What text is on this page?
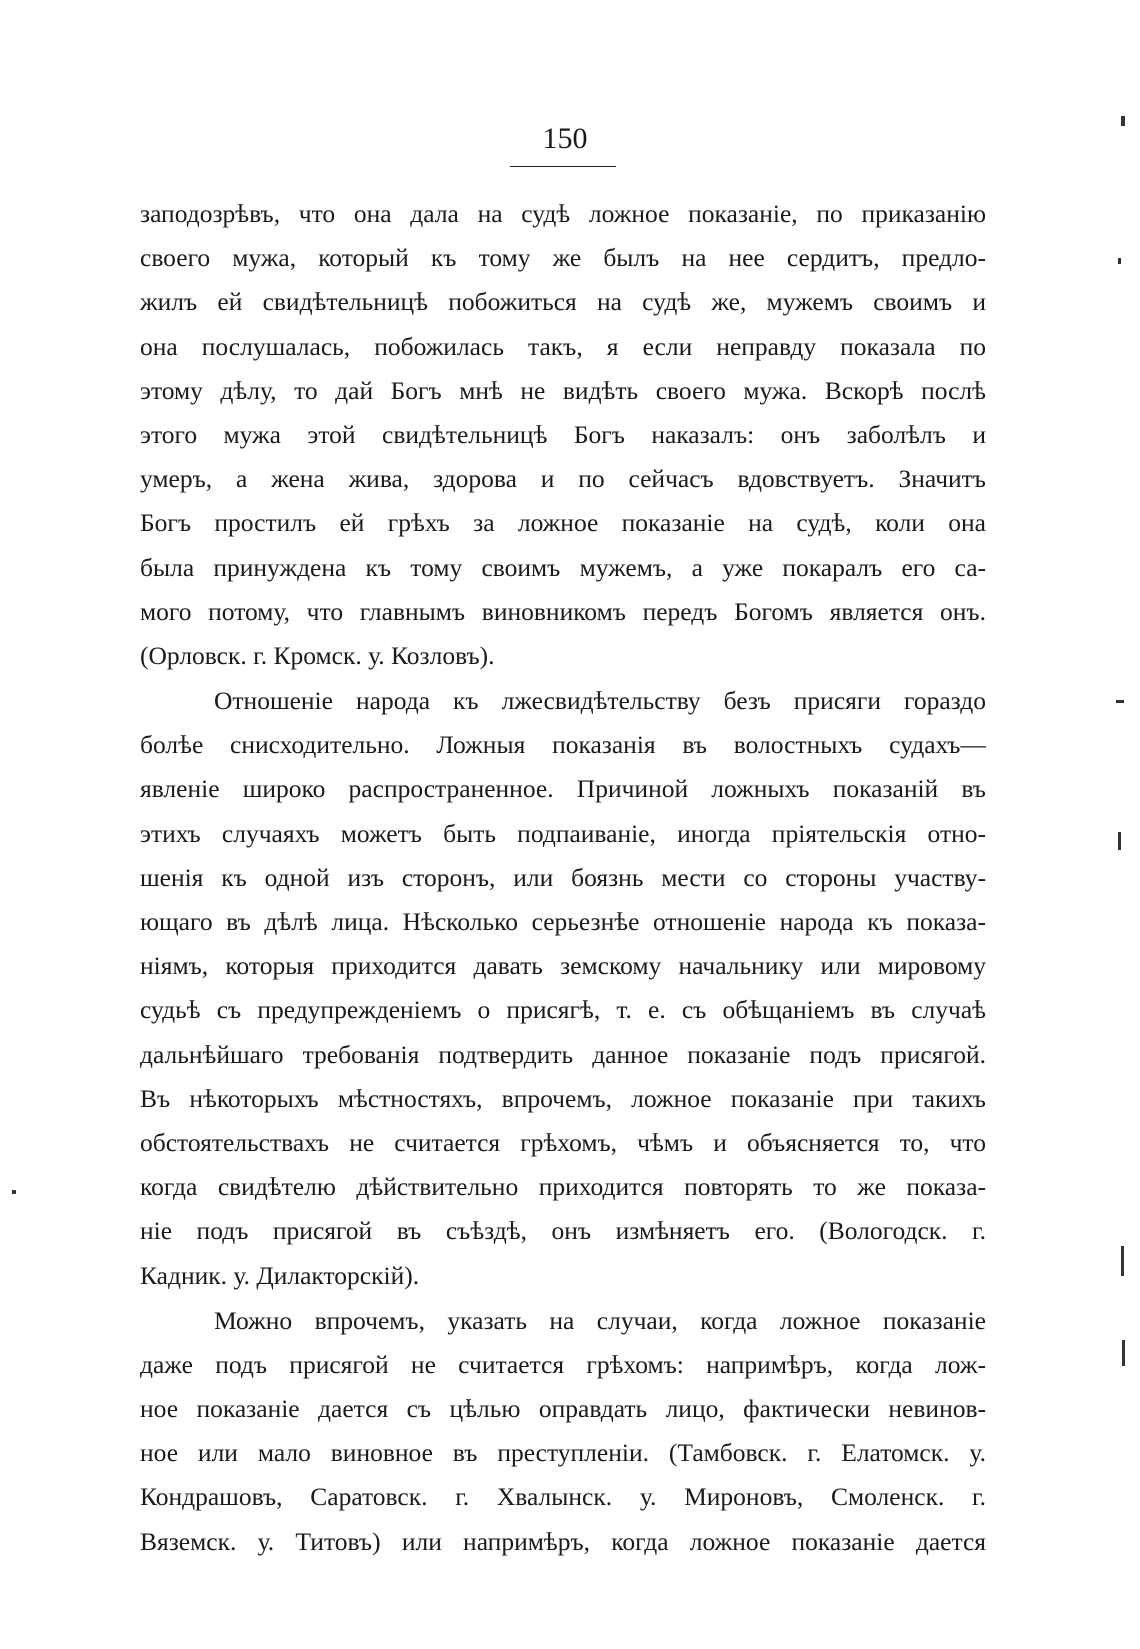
150
заподозрѣвъ, что она дала на судѣ ложное показаніе, по приказанію
своего мужа, который къ тому же былъ на нее сердитъ, предло-
жилъ ей свидѣтельницѣ побожиться на судѣ же, мужемъ своимъ и
она послушалась, побожилась такъ, я если неправду показала по
этому дѣлу, то дай Богъ мнѣ не видѣть своего мужа. Вскорѣ послѣ
этого мужа этой свидѣтельницѣ Богъ наказалъ: онъ заболѣлъ и
умеръ, а жена жива, здорова и по сейчасъ вдовствуетъ. Значитъ
Богъ простилъ ей грѣхъ за ложное показаніе на судѣ, коли она
была принуждена къ тому своимъ мужемъ, а уже покаралъ его са-
мого потому, что главнымъ виновникомъ передъ Богомъ является онъ.
(Орловск. г. Кромск. у. Козловъ).
Отношеніе народа къ лжесвидѣтельству безъ присяги гораздо
болѣе снисходительно. Ложныя показанія въ волостныхъ судахъ—
явленіе широко распространенное. Причиной ложныхъ показаній въ
этихъ случаяхъ можетъ быть подпаиваніе, иногда пріятельскія отно-
шенія къ одной изъ сторонъ, или боязнь мести со стороны участву-
ющаго въ дѣлѣ лица. Нѣсколько серьезнѣе отношеніе народа къ показа-
ніямъ, которыя приходится давать земскому начальнику или мировому
судьѣ съ предупрежденіемъ о присягѣ, т. е. съ обѣщаніемъ въ случаѣ
дальнѣйшаго требованія подтвердить данное показаніе подъ присягой.
Въ нѣкоторыхъ мѣстностяхъ, впрочемъ, ложное показаніе при такихъ
обстоятельствахъ не считается грѣхомъ, чѣмъ и объясняется то, что
когда свидѣтелю дѣйствительно приходится повторять то же показа-
ніе подъ присягой въ съѣздѣ, онъ измѣняетъ его. (Вологодск. г.
Кадник. у. Дилакторскій).
Можно впрочемъ, указать на случаи, когда ложное показаніе
даже подъ присягой не считается грѣхомъ: напримѣръ, когда лож-
ное показаніе дается съ цѣлью оправдать лицо, фактически невинов-
ное или мало виновное въ преступленіи. (Тамбовск. г. Елатомск. у.
Кондрашовъ, Саратовск. г. Хвалынск. у. Мироновъ, Смоленск. г.
Вяземск. у. Титовъ) или напримѣръ, когда ложное показаніе дается
